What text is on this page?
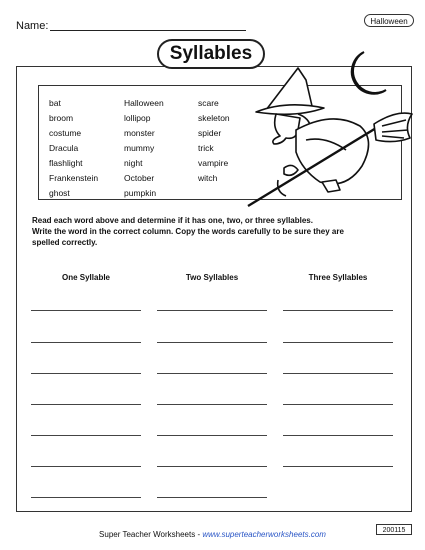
Name:	Halloween
Syllables
bat
broom
costume
Dracula
flashlight
Frankenstein
ghost
Halloween
lollipop
monster
mummy
night
October
pumpkin
scare
skeleton
spider
trick
vampire
witch
Read each word above and determine if it has one, two, or three syllables.
Write the word in the correct column. Copy the words carefully to be sure they are
spelled correctly.
One Syllable	Two Syllables	Three Syllables
Super Teacher Worksheets - www.superteacherworksheets.com	200115
